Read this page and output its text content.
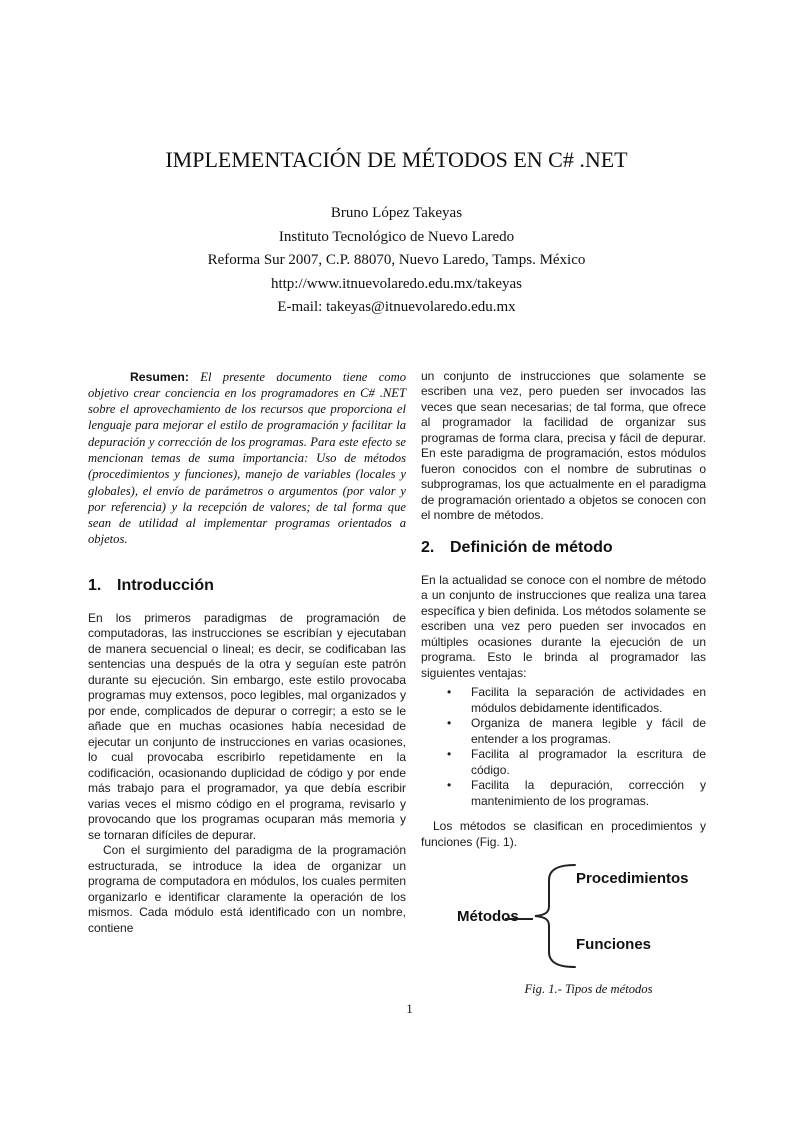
IMPLEMENTACIÓN DE MÉTODOS EN C# .NET
Bruno López Takeyas
Instituto Tecnológico de Nuevo Laredo
Reforma Sur 2007, C.P. 88070, Nuevo Laredo, Tamps. México
http://www.itnuevolaredo.edu.mx/takeyas
E-mail: takeyas@itnuevolaredo.edu.mx

Resumen: El presente documento tiene como objetivo crear conciencia en los programadores en C# .NET sobre el aprovechamiento de los recursos que proporciona el lenguaje para mejorar el estilo de programación y facilitar la depuración y corrección de los programas. Para este efecto se mencionan temas de suma importancia: Uso de métodos (procedimientos y funciones), manejo de variables (locales y globales), el envío de parámetros o argumentos (por valor y por referencia) y la recepción de valores; de tal forma que sean de utilidad al implementar programas orientados a objetos.

1. Introducción

En los primeros paradigmas de programación de computadoras, las instrucciones se escribían y ejecutaban de manera secuencial o lineal; es decir, se codificaban las sentencias una después de la otra y seguían este patrón durante su ejecución. Sin embargo, este estilo provocaba programas muy extensos, poco legibles, mal organizados y por ende, complicados de depurar o corregir; a esto se le añade que en muchas ocasiones había necesidad de ejecutar un conjunto de instrucciones en varias ocasiones, lo cual provocaba escribirlo repetidamente en la codificación, ocasionando duplicidad de código y por ende más trabajo para el programador, ya que debía escribir varias veces el mismo código en el programa, revisarlo y provocando que los programas ocuparan más memoria y se tornaran difíciles de depurar.

Con el surgimiento del paradigma de la programación estructurada, se introduce la idea de organizar un programa de computadora en módulos, los cuales permiten organizarlo e identificar claramente la operación de los mismos. Cada módulo está identificado con un nombre, contiene

un conjunto de instrucciones que solamente se escriben una vez, pero pueden ser invocados las veces que sean necesarias; de tal forma, que ofrece al programador la facilidad de organizar sus programas de forma clara, precisa y fácil de depurar. En este paradigma de programación, estos módulos fueron conocidos con el nombre de subrutinas o subprogramas, los que actualmente en el paradigma de programación orientado a objetos se conocen con el nombre de métodos.

2. Definición de método

En la actualidad se conoce con el nombre de método a un conjunto de instrucciones que realiza una tarea específica y bien definida. Los métodos solamente se escriben una vez pero pueden ser invocados en múltiples ocasiones durante la ejecución de un programa. Esto le brinda al programador las siguientes ventajas:

• Facilita la separación de actividades en módulos debidamente identificados.
• Organiza de manera legible y fácil de entender a los programas.
• Facilita al programador la escritura de código.
• Facilita la depuración, corrección y mantenimiento de los programas.

Los métodos se clasifican en procedimientos y funciones (Fig. 1).

Procedimientos
Métodos
Funciones

Fig. 1.- Tipos de métodos

1
